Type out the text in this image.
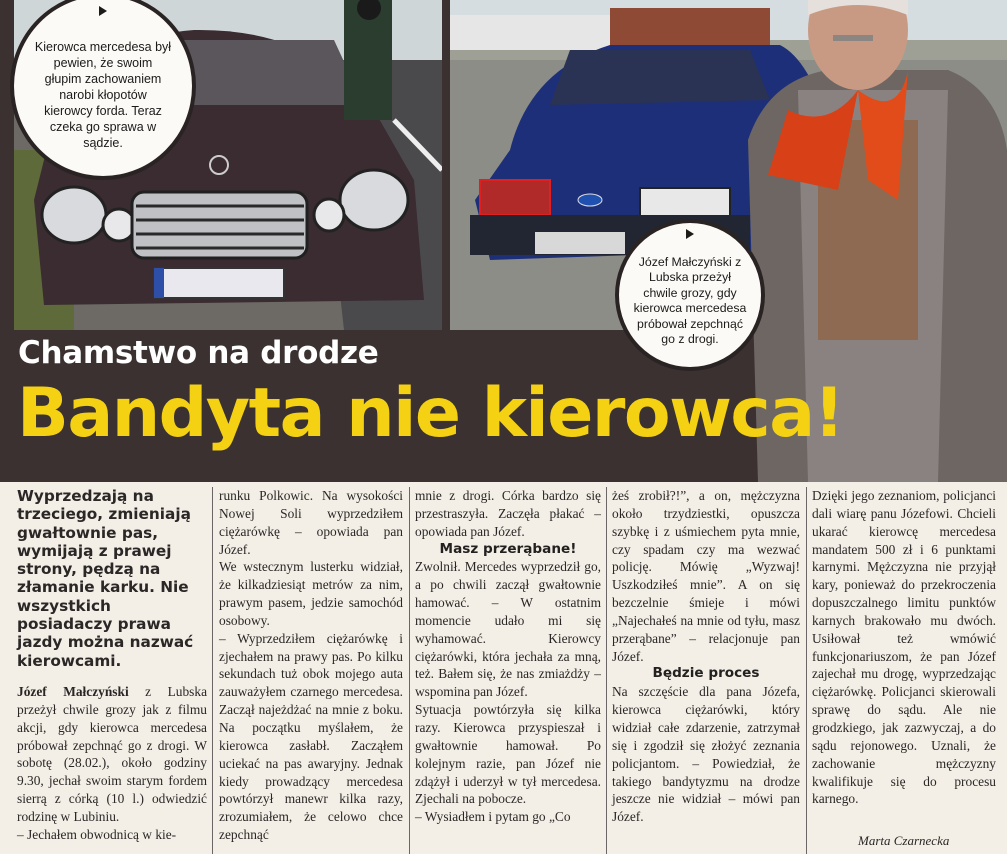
Kierowca mercedesa był pewien, że swoim głupim zachowaniem narobi kłopotów kierowcy forda. Teraz czeka go sprawa w sądzie.
Józef Małczyński z Lubska przeżył chwile grozy, gdy kierowca mercedesa próbował zepchnąć go z drogi.
Chamstwo na drodze
Bandyta nie kierowca!

Wyprzedzają na trzeciego, zmieniają gwałtownie pas, wymijają z prawej strony, pędzą na złamanie karku. Nie wszystkich posiadaczy prawa jazdy można nazwać kierowcami.

Józef Małczyński z Lubska przeżył chwile grozy jak z filmu akcji, gdy kierowca mercedesa próbował zepchnąć go z drogi. W sobotę (28.02.), około godziny 9.30, jechał swoim starym fordem sierrą z córką (10 l.) odwiedzić rodzinę w Lubiniu.

– Jechałem obwodnicą w kie-

runku Polkowic. Na wysokości Nowej Soli wyprzedziłem ciężarówkę – opowiada pan Józef.

We wstecznym lusterku widział, że kilkadziesiąt metrów za nim, prawym pasem, jedzie samochód osobowy.

– Wyprzedziłem ciężarówkę i zjechałem na prawy pas. Po kilku sekundach tuż obok mojego auta zauważyłem czarnego mercedesa. Zaczął najeżdżać na mnie z boku. Na początku myślałem, że kierowca zasłabł. Zacząłem uciekać na pas awaryjny. Jednak kiedy prowadzący mercedesa powtórzył manewr kilka razy, zrozumiałem, że celowo chce zepchnąć

mnie z drogi. Córka bardzo się przestraszyła. Zaczęła płakać – opowiada pan Józef.

Masz przerąbane!

Zwolnił. Mercedes wyprzedził go, a po chwili zaczął gwałtownie hamować. – W ostatnim momencie udało mi się wyhamować. Kierowcy ciężarówki, która jechała za mną, też. Bałem się, że nas zmiażdży – wspomina pan Józef.

Sytuacja powtórzyła się kilka razy. Kierowca przyspieszał i gwałtownie hamował. Po kolejnym razie, pan Józef nie zdążył i uderzył w tył mercedesa. Zjechali na pobocze.

– Wysiadłem i pytam go „Co

żeś zrobił?!”, a on, mężczyzna około trzydziestki, opuszcza szybkę i z uśmiechem pyta mnie, czy spadam czy ma wezwać policję. Mówię „Wyzwaj! Uszkodziłeś mnie”. A on się bezczelnie śmieje i mówi „Najechałeś na mnie od tyłu, masz przerąbane” – relacjonuje pan Józef.

Będzie proces

Na szczęście dla pana Józefa, kierowca ciężarówki, który widział całe zdarzenie, zatrzymał się i zgodził się złożyć zeznania policjantom. – Powiedział, że takiego bandytyzmu na drodze jeszcze nie widział – mówi pan Józef.

Dzięki jego zeznaniom, policjanci dali wiarę panu Józefowi. Chcieli ukarać kierowcę mercedesa mandatem 500 zł i 6 punktami karnymi. Mężczyzna nie przyjął kary, ponieważ do przekroczenia dopuszczalnego limitu punktów karnych brakowało mu dwóch. Usiłował też wmówić funkcjonariuszom, że pan Józef zajechał mu drogę, wyprzedzając ciężarówkę. Policjanci skierowali sprawę do sądu. Ale nie grodzkiego, jak zazwyczaj, a do sądu rejonowego. Uznali, że zachowanie mężczyzny kwalifikuje się do procesu karnego.

Marta Czarnecka
